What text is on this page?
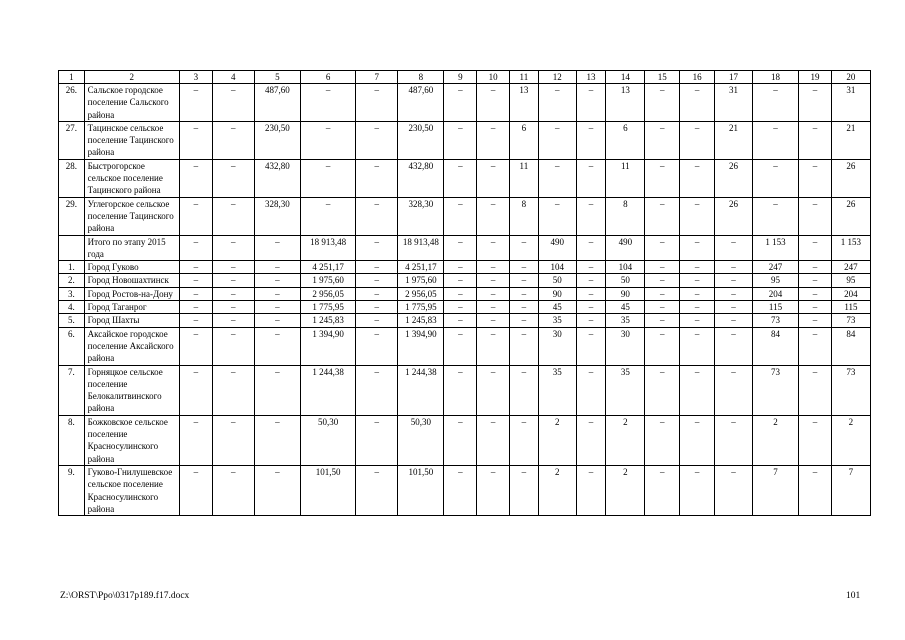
1	2	3	4	5	6	7	8	9	10	11	12	13	14	15	16	17	18	19	20
26.	Сальское городское поселение Сальского района	–	–	487,60	–	–	487,60	–	–	13	–	–	13	–	–	31	–	–	31
27.	Тацинское сельское поселение Тацинского района	–	–	230,50	–	–	230,50	–	–	6	–	–	6	–	–	21	–	–	21
28.	Быстрогорское сельское поселение Тацинского района	–	–	432,80	–	–	432,80	–	–	11	–	–	11	–	–	26	–	–	26
29.	Углегорское сельское поселение Тацинского района	–	–	328,30	–	–	328,30	–	–	8	–	–	8	–	–	26	–	–	26
	Итого по этапу 2015 года	–	–	–	18 913,48	–	18 913,48	–	–	–	490	–	490	–	–	–	1 153	–	1 153
1.	Город Гуково	–	–	–	4 251,17	–	4 251,17	–	–	–	104	–	104	–	–	–	247	–	247
2.	Город Новошахтинск	–	–	–	1 975,60	–	1 975,60	–	–	–	50	–	50	–	–	–	95	–	95
3.	Город Ростов-на-Дону	–	–	–	2 956,05	–	2 956,05	–	–	–	90	–	90	–	–	–	204	–	204
4.	Город Таганрог	–	–	–	1 775,95	–	1 775,95	–	–	–	45	–	45	–	–	–	115	–	115
5.	Город Шахты	–	–	–	1 245,83	–	1 245,83	–	–	–	35	–	35	–	–	–	73	–	73
6.	Аксайское городское поселение Аксайского района	–	–	–	1 394,90	–	1 394,90	–	–	–	30	–	30	–	–	–	84	–	84
7.	Горняцкое сельское поселение Белокалитвинского района	–	–	–	1 244,38	–	1 244,38	–	–	–	35	–	35	–	–	–	73	–	73
8.	Божковское сельское поселение Красносулинского района	–	–	–	50,30	–	50,30	–	–	–	2	–	2	–	–	–	2	–	2
9.	Гуково-Гнилушевское сельское поселение Красносулинского района	–	–	–	101,50	–	101,50	–	–	–	2	–	2	–	–	–	7	–	7
Z:\ORST\Ppo\0317p189.f17.docx	101
